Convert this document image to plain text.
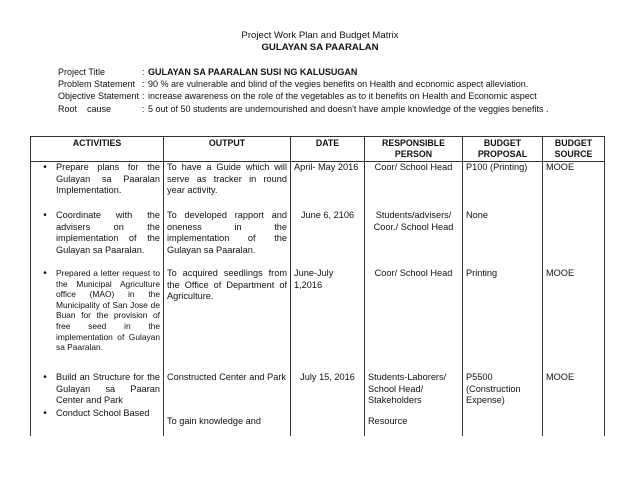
Project Work Plan and Budget Matrix
GULAYAN SA PAARALAN
Project Title	: GULAYAN SA PAARALAN SUSI NG KALUSUGAN
Problem Statement : 90 % are vulnerable and blind of the vegies benefits on Health and economic aspect alleviation.
Objective Statement : increase awareness on the role of the vegetables as to it benefits on Health and Economic aspect
Root    cause	: 5 out of 50 students are undernourished and doesn't have ample knowledge of the veggies benefits .
ACTIVITIES	OUTPUT	DATE	RESPONSIBLE PERSON	BUDGET PROPOSAL	BUDGET SOURCE

• Prepare plans for the Gulayan sa Paaralan Implementation.	To have a Guide which will serve as tracker in round year activity.	April- May 2016	Coor/ School Head	P100 (Printing)	MOOE

• Coordinate with the advisers on the implementation of the Gulayan sa Paaralan.	To developed rapport and oneness in the implementation of the Gulayan sa Paaralan.	June 6, 2106	Students/advisers/ Coor./ School Head	None	

• Prepared a letter request to the Municipal Agriculture office (MAO) in the Municipality of San Jose de Buan for the provision of free seed in the implementation of Gulayan sa Paaralan.	To acquired seedlings from the Office of Department of Agriculture.	June-July 1,2016	Coor/ School Head	Printing	MOOE

• Build an Structure for the Gulayan sa Paaran Center and Park	Constructed Center and Park	July 15, 2016	Students-Laborers/ School Head/ Stakeholders	P5500 (Construction Expense)	MOOE

• Conduct School Based	To gain knowledge and		Resource		
